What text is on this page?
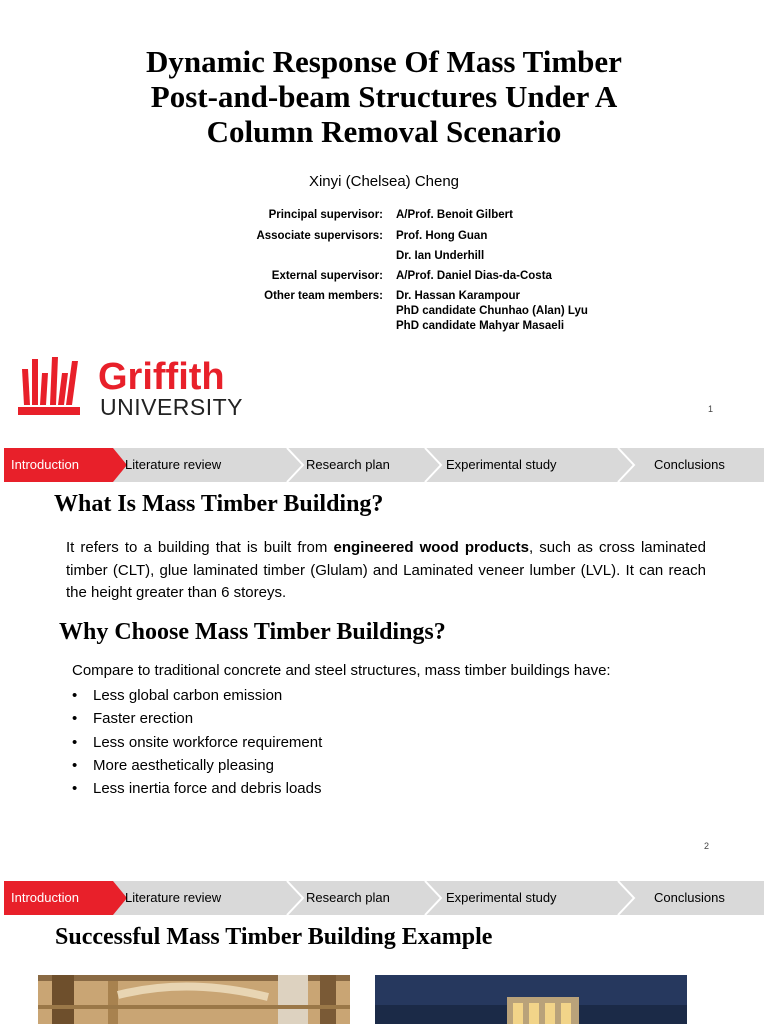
Dynamic Response Of Mass Timber
Post-and-beam Structures Under A
Column Removal Scenario
Xinyi (Chelsea) Cheng
Principal supervisor: A/Prof. Benoit Gilbert
Associate supervisors: Prof. Hong Guan
Dr. Ian Underhill
External supervisor: A/Prof. Daniel Dias-da-Costa
Other team members: Dr. Hassan Karampour
PhD candidate Chunhao (Alan) Lyu
PhD candidate Mahyar Masaeli
Griffith
UNIVERSITY	1
Introduction	Literature review	Research plan	Experimental study	Conclusions
What Is Mass Timber Building?
It refers to a building that is built from engineered wood products, such as cross laminated timber (CLT), glue laminated timber (Glulam) and Laminated veneer lumber (LVL). It can reach the height greater than 6 storeys.
Why Choose Mass Timber Buildings?
Compare to traditional concrete and steel structures, mass timber buildings have:
• Less global carbon emission
• Faster erection
• Less onsite workforce requirement
• More aesthetically pleasing
• Less inertia force and debris loads
2
Introduction	Literature review	Research plan	Experimental study	Conclusions
Successful Mass Timber Building Example
